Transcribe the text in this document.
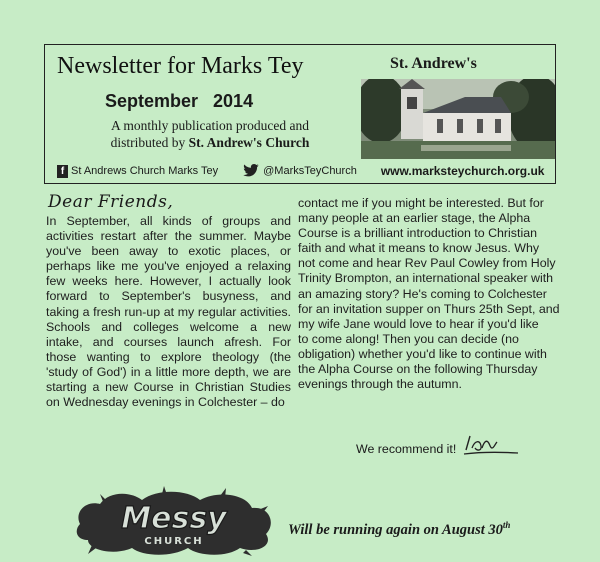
Newsletter for Marks Tey
September 2014
A monthly publication produced and
distributed by St. Andrew's Church
St. Andrew's
f St Andrews Church Marks Tey	@MarksTeyChurch www.marksteychurch.org.uk
Dear Friends,
In September, all kinds of groups and
activities restart after the summer. Maybe
you've been away to exotic places, or
perhaps like me you've enjoyed a relaxing
few weeks here. However, I actually look
forward to September's busyness, and
taking a fresh run-up at my regular activities.
Schools and colleges welcome a new
intake, and courses launch afresh. For
those wanting to explore theology (the
'study of God') in a little more depth, we are
starting a new Course in Christian Studies
on Wednesday evenings in Colchester – do
contact me if you might be interested. But for
many people at an earlier stage, the Alpha
Course is a brilliant introduction to Christian
faith and what it means to know Jesus. Why
not come and hear Rev Paul Cowley from Holy
Trinity Brompton, an international speaker with
an amazing story? He's coming to Colchester
for an invitation supper on Thurs 25th Sept, and
my wife Jane would love to hear if you'd like
to come along! Then you can decide (no
obligation) whether you'd like to continue with
the Alpha Course on the following Thursday
evenings through the autumn.
We recommend it!
Messy
CHURCH
Will be running again on August 30th
